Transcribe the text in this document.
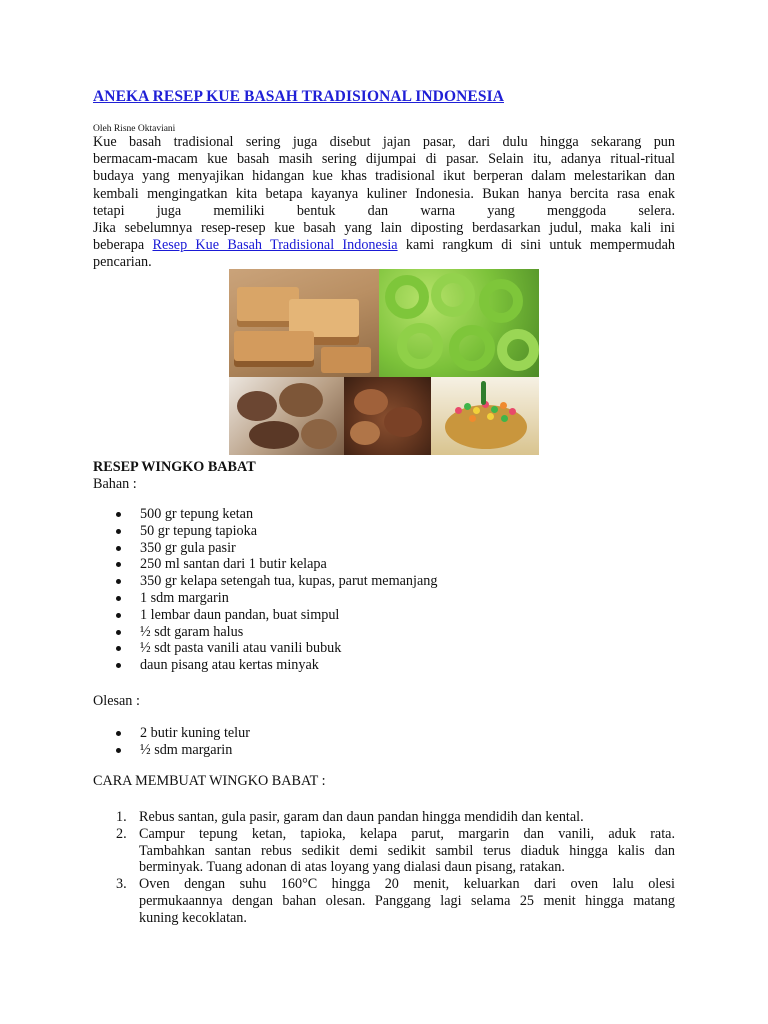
ANEKA RESEP KUE BASAH TRADISIONAL INDONESIA
Oleh Risne Oktaviani

Kue basah tradisional sering juga disebut jajan pasar, dari dulu hingga sekarang pun
bermacam-macam kue basah masih sering dijumpai di pasar. Selain itu, adanya ritual-ritual
budaya yang menyajikan hidangan kue khas tradisional ikut berperan dalam melestarikan dan
kembali mengingatkan kita betapa kayanya kuliner Indonesia. Bukan hanya bercita rasa enak
tetapi juga memiliki bentuk dan warna yang menggoda selera.
Jika sebelumnya resep-resep kue basah yang lain diposting berdasarkan judul, maka kali ini
beberapa Resep Kue Basah Tradisional Indonesia kami rangkum di sini untuk mempermudah
pencarian.

RESEP WINGKO BABAT
Bahan :
500 gr tepung ketan
50 gr tepung tapioka
350 gr gula pasir
250 ml santan dari 1 butir kelapa
350 gr kelapa setengah tua, kupas, parut memanjang
1 sdm margarin
1 lembar daun pandan, buat simpul
½ sdt garam halus
½ sdt pasta vanili atau vanili bubuk
daun pisang atau kertas minyak
Olesan :
2 butir kuning telur
½ sdm margarin
CARA MEMBUAT WINGKO BABAT :
1. Rebus santan, gula pasir, garam dan daun pandan hingga mendidih dan kental.
2. Campur tepung ketan, tapioka, kelapa parut, margarin dan vanili, aduk rata.
Tambahkan santan rebus sedikit demi sedikit sambil terus diaduk hingga kalis dan
berminyak. Tuang adonan di atas loyang yang dialasi daun pisang, ratakan.
3. Oven dengan suhu 160°C hingga 20 menit, keluarkan dari oven lalu olesi
permukaannya dengan bahan olesan. Panggang lagi selama 25 menit hingga matang
kuning kecoklatan.
